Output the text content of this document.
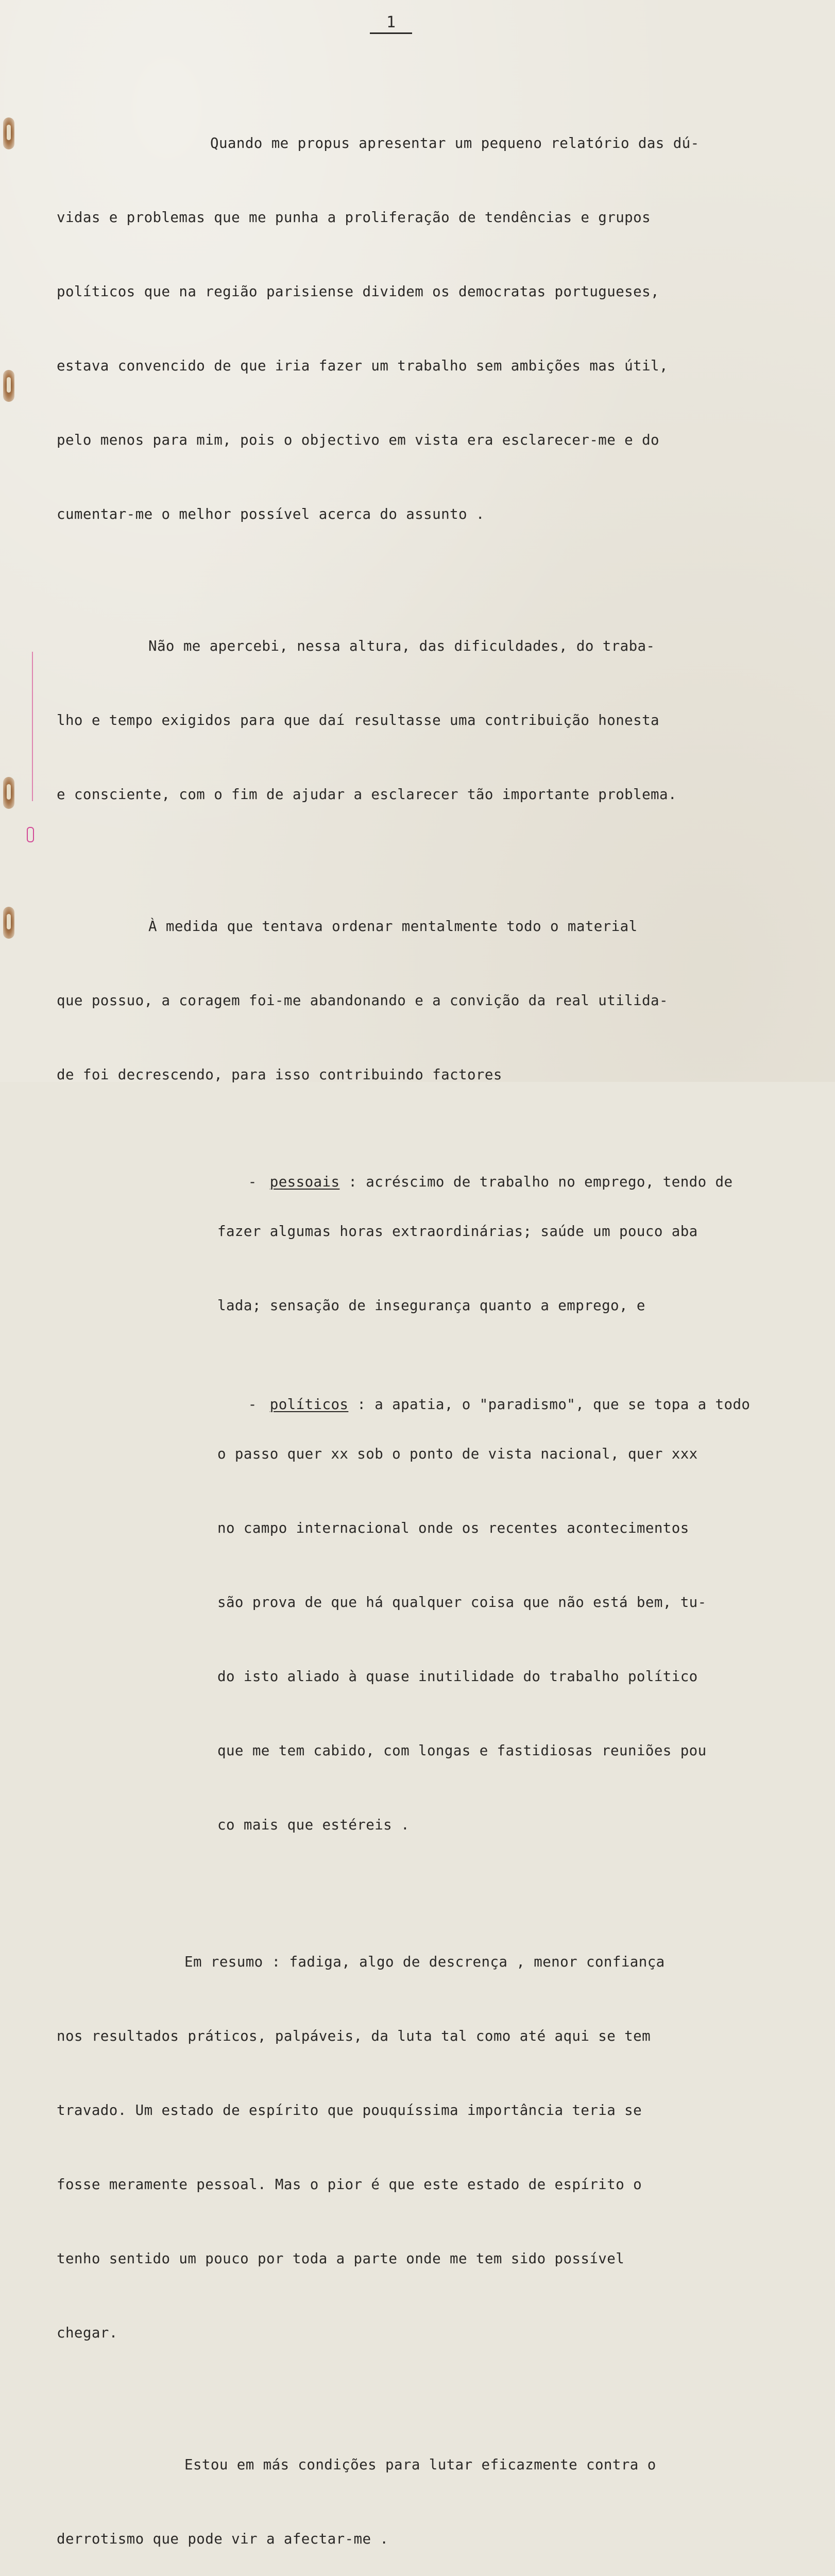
1

Quando me propus apresentar um pequeno relatório das dú-

vidas e problemas que me punha a proliferação de tendências e grupos

políticos que na região parisiense dividem os democratas portugueses,

estava convencido de que iria fazer um trabalho sem ambições mas útil,

pelo menos para mim, pois o objectivo em vista era esclarecer-me e do

cumentar-me o melhor possível acerca do assunto .

Não me apercebi, nessa altura, das dificuldades, do traba-

lho e tempo exigidos para que daí resultasse uma contribuição honesta

e consciente, com o fim de ajudar a esclarecer tão importante problema.

À medida que tentava ordenar mentalmente todo o material

que possuo, a coragem foi-me abandonando e a convição da real utilida-

de foi decrescendo, para isso contribuindo factores

- pessoais : acréscimo de trabalho no emprego, tendo de

fazer algumas horas extraordinárias; saúde um pouco aba

lada; sensação de insegurança quanto a emprego, e

- políticos : a apatia, o "paradismo", que se topa a todo

o passo quer xx sob o ponto de vista nacional, quer xxx

no campo internacional onde os recentes acontecimentos

são prova de que há qualquer coisa que não está bem, tu-

do isto aliado à quase inutilidade do trabalho político

que me tem cabido, com longas e fastidiosas reuniões pou

co mais que estéreis .

Em resumo : fadiga, algo de descrença , menor confiança

nos resultados práticos, palpáveis, da luta tal como até aqui se tem

travado. Um estado de espírito que pouquíssima importância teria se

fosse meramente pessoal. Mas o pior é que este estado de espírito o

tenho sentido um pouco por toda a parte onde me tem sido possível

chegar.

Estou em más condições para lutar eficazmente contra o

derrotismo que pode vir a afectar-me .
